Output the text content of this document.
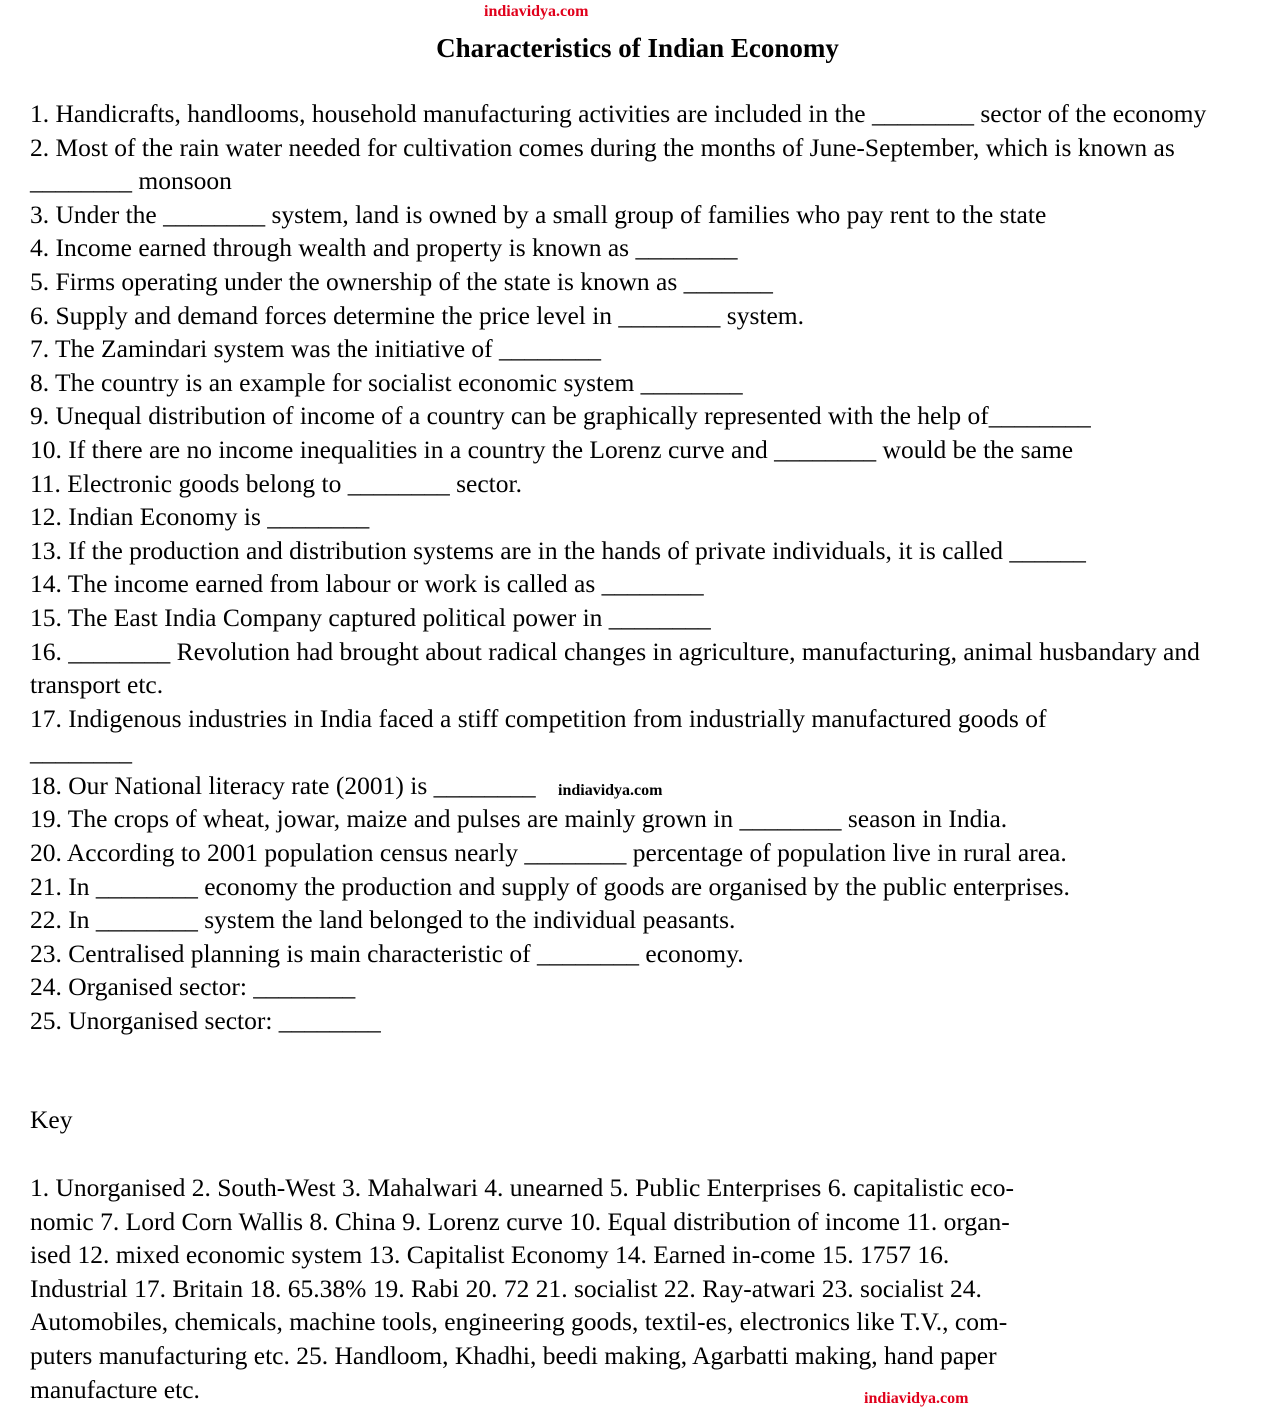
indiavidya.com
Characteristics of Indian Economy
1. Handicrafts, handlooms, household manufacturing activities are included in the ________ sector of the economy
2. Most of the rain water needed for cultivation comes during the months of June-September, which is known as ________ monsoon
3. Under the ________ system, land is owned by a small group of families who pay rent to the state
4. Income earned through wealth and property is known as ________
5. Firms operating under the ownership of the state is known as _______
6. Supply and demand forces determine the price level in ________ system.
7. The Zamindari system was the initiative of ________
8. The country is an example for socialist economic system ________
9. Unequal distribution of income of a country can be graphically represented with the help of________
10. If there are no income inequalities in a country the Lorenz curve and ________ would be the same
11. Electronic goods belong to ________ sector.
12. Indian Economy is ________
13. If the production and distribution systems are in the hands of private individuals, it is called ______
14. The income earned from labour or work is called as ________
15. The East India Company captured political power in ________
16. ________ Revolution had brought about radical changes in agriculture, manufacturing, animal husbandary and transport etc.
17. Indigenous industries in India faced a stiff competition from industrially manufactured goods of ________
18. Our National literacy rate (2001) is ________
19. The crops of wheat, jowar, maize and pulses are mainly grown in ________ season in India.
20. According to 2001 population census nearly ________ percentage of population live in rural area.
21. In ________ economy the production and supply of goods are organised by the public enterprises.
22. In ________ system the land belonged to the individual peasants.
23. Centralised planning is main characteristic of ________ economy.
24. Organised sector: ________
25. Unorganised sector: ________
indiavidya.com
Key
1. Unorganised 2. South-West 3. Mahalwari 4. unearned 5. Public Enterprises 6. capitalistic eco-
nomic 7. Lord Corn Wallis 8. China 9. Lorenz curve 10. Equal distribution of income 11. organ-
ised 12. mixed economic system 13. Capitalist Economy 14. Earned in-come 15. 1757 16.
Industrial 17. Britain 18. 65.38% 19. Rabi 20. 72 21. socialist 22. Ray-atwari 23. socialist 24.
Automobiles, chemicals, machine tools, engineering goods, textil-es, electronics like T.V., com-
puters manufacturing etc. 25. Handloom, Khadhi, beedi making, Agarbatti making, hand paper
manufacture etc.	indiavidya.com
